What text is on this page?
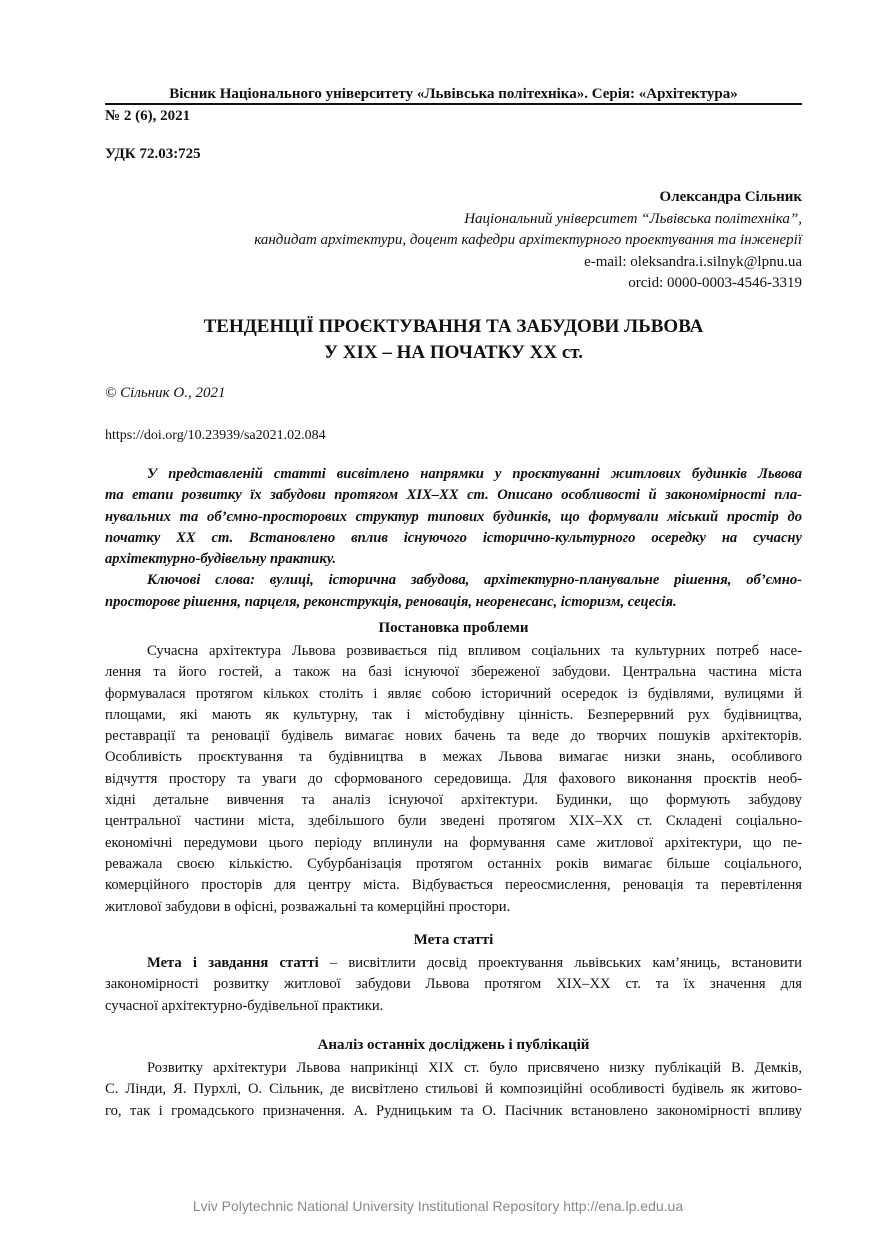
Вісник Національного університету «Львівська політехніка». Серія: «Архітектура»
№ 2 (6), 2021
УДК 72.03:725
Олександра Сільник
Національний університет “Львівська політехніка”,
кандидат архітектури, доцент кафедри архітектурного проектування та інженерії
e-mail: oleksandra.i.silnyk@lpnu.ua
orcid: 0000-0003-4546-3319
ТЕНДЕНЦІЇ ПРОЄКТУВАННЯ ТА ЗАБУДОВИ ЛЬВОВА
У ХІХ – НА ПОЧАТКУ ХХ ст.
© Сільник О., 2021
https://doi.org/10.23939/sa2021.02.084
У представленій статті висвітлено напрямки у проєктуванні житлових будинків Львова
та етапи розвитку їх забудови протягом ХІХ–ХХ ст. Описано особливості й закономірності пла-
нувальних та об’ємно-просторових структур типових будинків, що формували міський простір до
початку ХХ ст. Встановлено вплив існуючого історично-культурного осередку на сучасну
архітектурно-будівельну практику.
Ключові слова: вулиці, історична забудова, архітектурно-планувальне рішення, об’ємно-
просторове рішення, парцеля, реконструкція, реновація, неоренесанс, історизм, сецесія.
Постановка проблеми
Сучасна архітектура Львова розвивається під впливом соціальних та культурних потреб насе-
лення та його гостей, а також на базі існуючої збереженої забудови. Центральна частина міста
формувалася протягом кількох століть і являє собою історичний осередок із будівлями, вулицями й
площами, які мають як культурну, так і містобудівну цінність. Безперервний рух будівництва,
реставрації та реновації будівель вимагає нових бачень та веде до творчих пошуків архітекторів.
Особливість проєктування та будівництва в межах Львова вимагає низки знань, особливого
відчуття простору та уваги до сформованого середовища. Для фахового виконання проєктів необ-
хідні детальне вивчення та аналіз існуючої архітектури. Будинки, що формують забудову
центральної частини міста, здебільшого були зведені протягом ХІХ–ХХ ст. Складені соціально-
економічні передумови цього періоду вплинули на формування саме житлової архітектури, що пе-
реважала своєю кількістю. Субурбанізація протягом останніх років вимагає більше соціального,
комерційного просторів для центру міста. Відбувається переосмислення, реновація та перевтілення
житлової забудови в офісні, розважальні та комерційні простори.
Мета статті
Мета і завдання статті – висвітлити досвід проектування львівських кам’яниць, встановити
закономірності розвитку житлової забудови Львова протягом ХІХ–ХХ ст. та їх значення для
сучасної архітектурно-будівельної практики.
Аналіз останніх досліджень і публікацій
Розвитку архітектури Львова наприкінці ХІХ ст. було присвячено низку публікацій В. Демків,
С. Лінди, Я. Пурхлі, О. Сільник, де висвітлено стильові й композиційні особливості будівель як житово-
го, так і громадського призначення. А. Рудницьким та О. Пасічник встановлено закономірності впливу
Lviv Polytechnic National University Institutional Repository http://ena.lp.edu.ua
